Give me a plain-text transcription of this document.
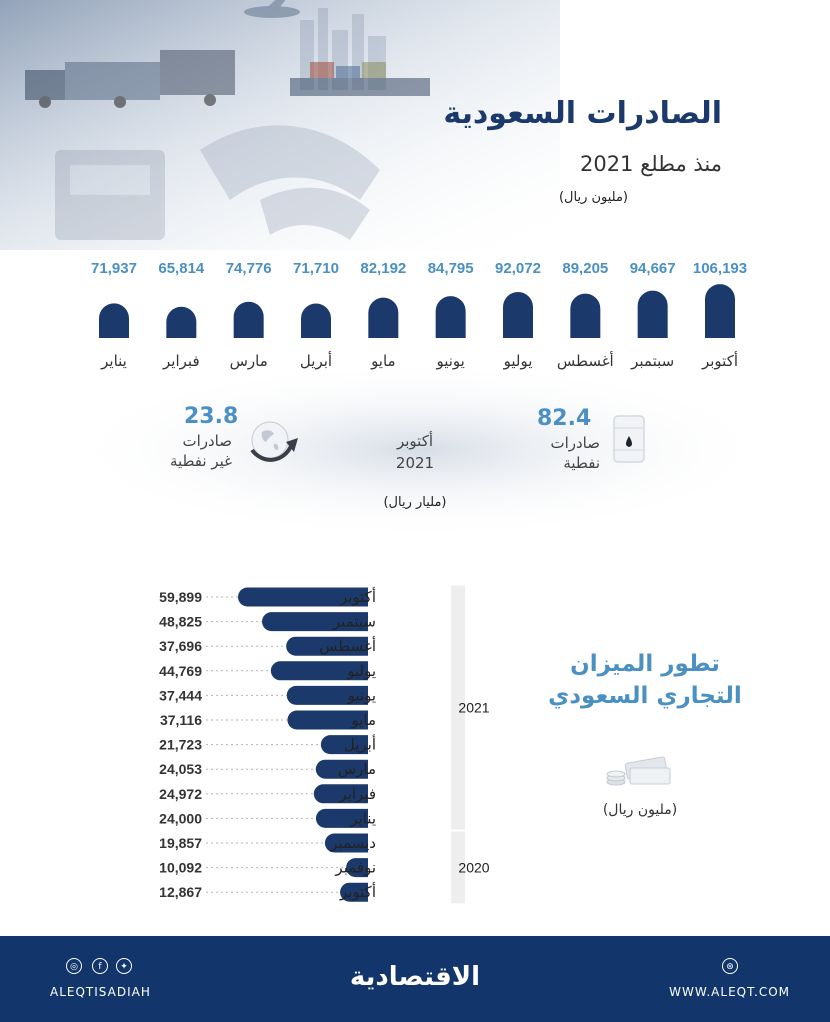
الصادرات السعودية
منذ مطلع 2021
(مليون ريال)
71,937
يناير
65,814
فبراير
74,776
مارس
71,710
أبريل
82,192
مايو
84,795
يونيو
92,072
يوليو
89,205
أغسطس
94,667
سبتمبر
106,193
أكتوبر
82.4
صادرات
نفطية
أكتوبر
2021
(مليار ريال)
23.8
صادرات
غير نفطية
2021
2020
59,899	أكتوبر
48,825	سبتمبر
37,696	أغسطس
44,769	يوليو
37,444	يونيو
37,116	مايو
21,723	أبريل
24,053	مارس
24,972	فبراير
24,000	يناير
19,857	ديسمبر
10,092	نوفمبر
12,867	أكتوبر
تطور الميزان
التجاري السعودي
(مليون ريال)
الاقتصادية
◎	f	✦
ALEQTISADIAH
⊛
WWW.ALEQT.COM
